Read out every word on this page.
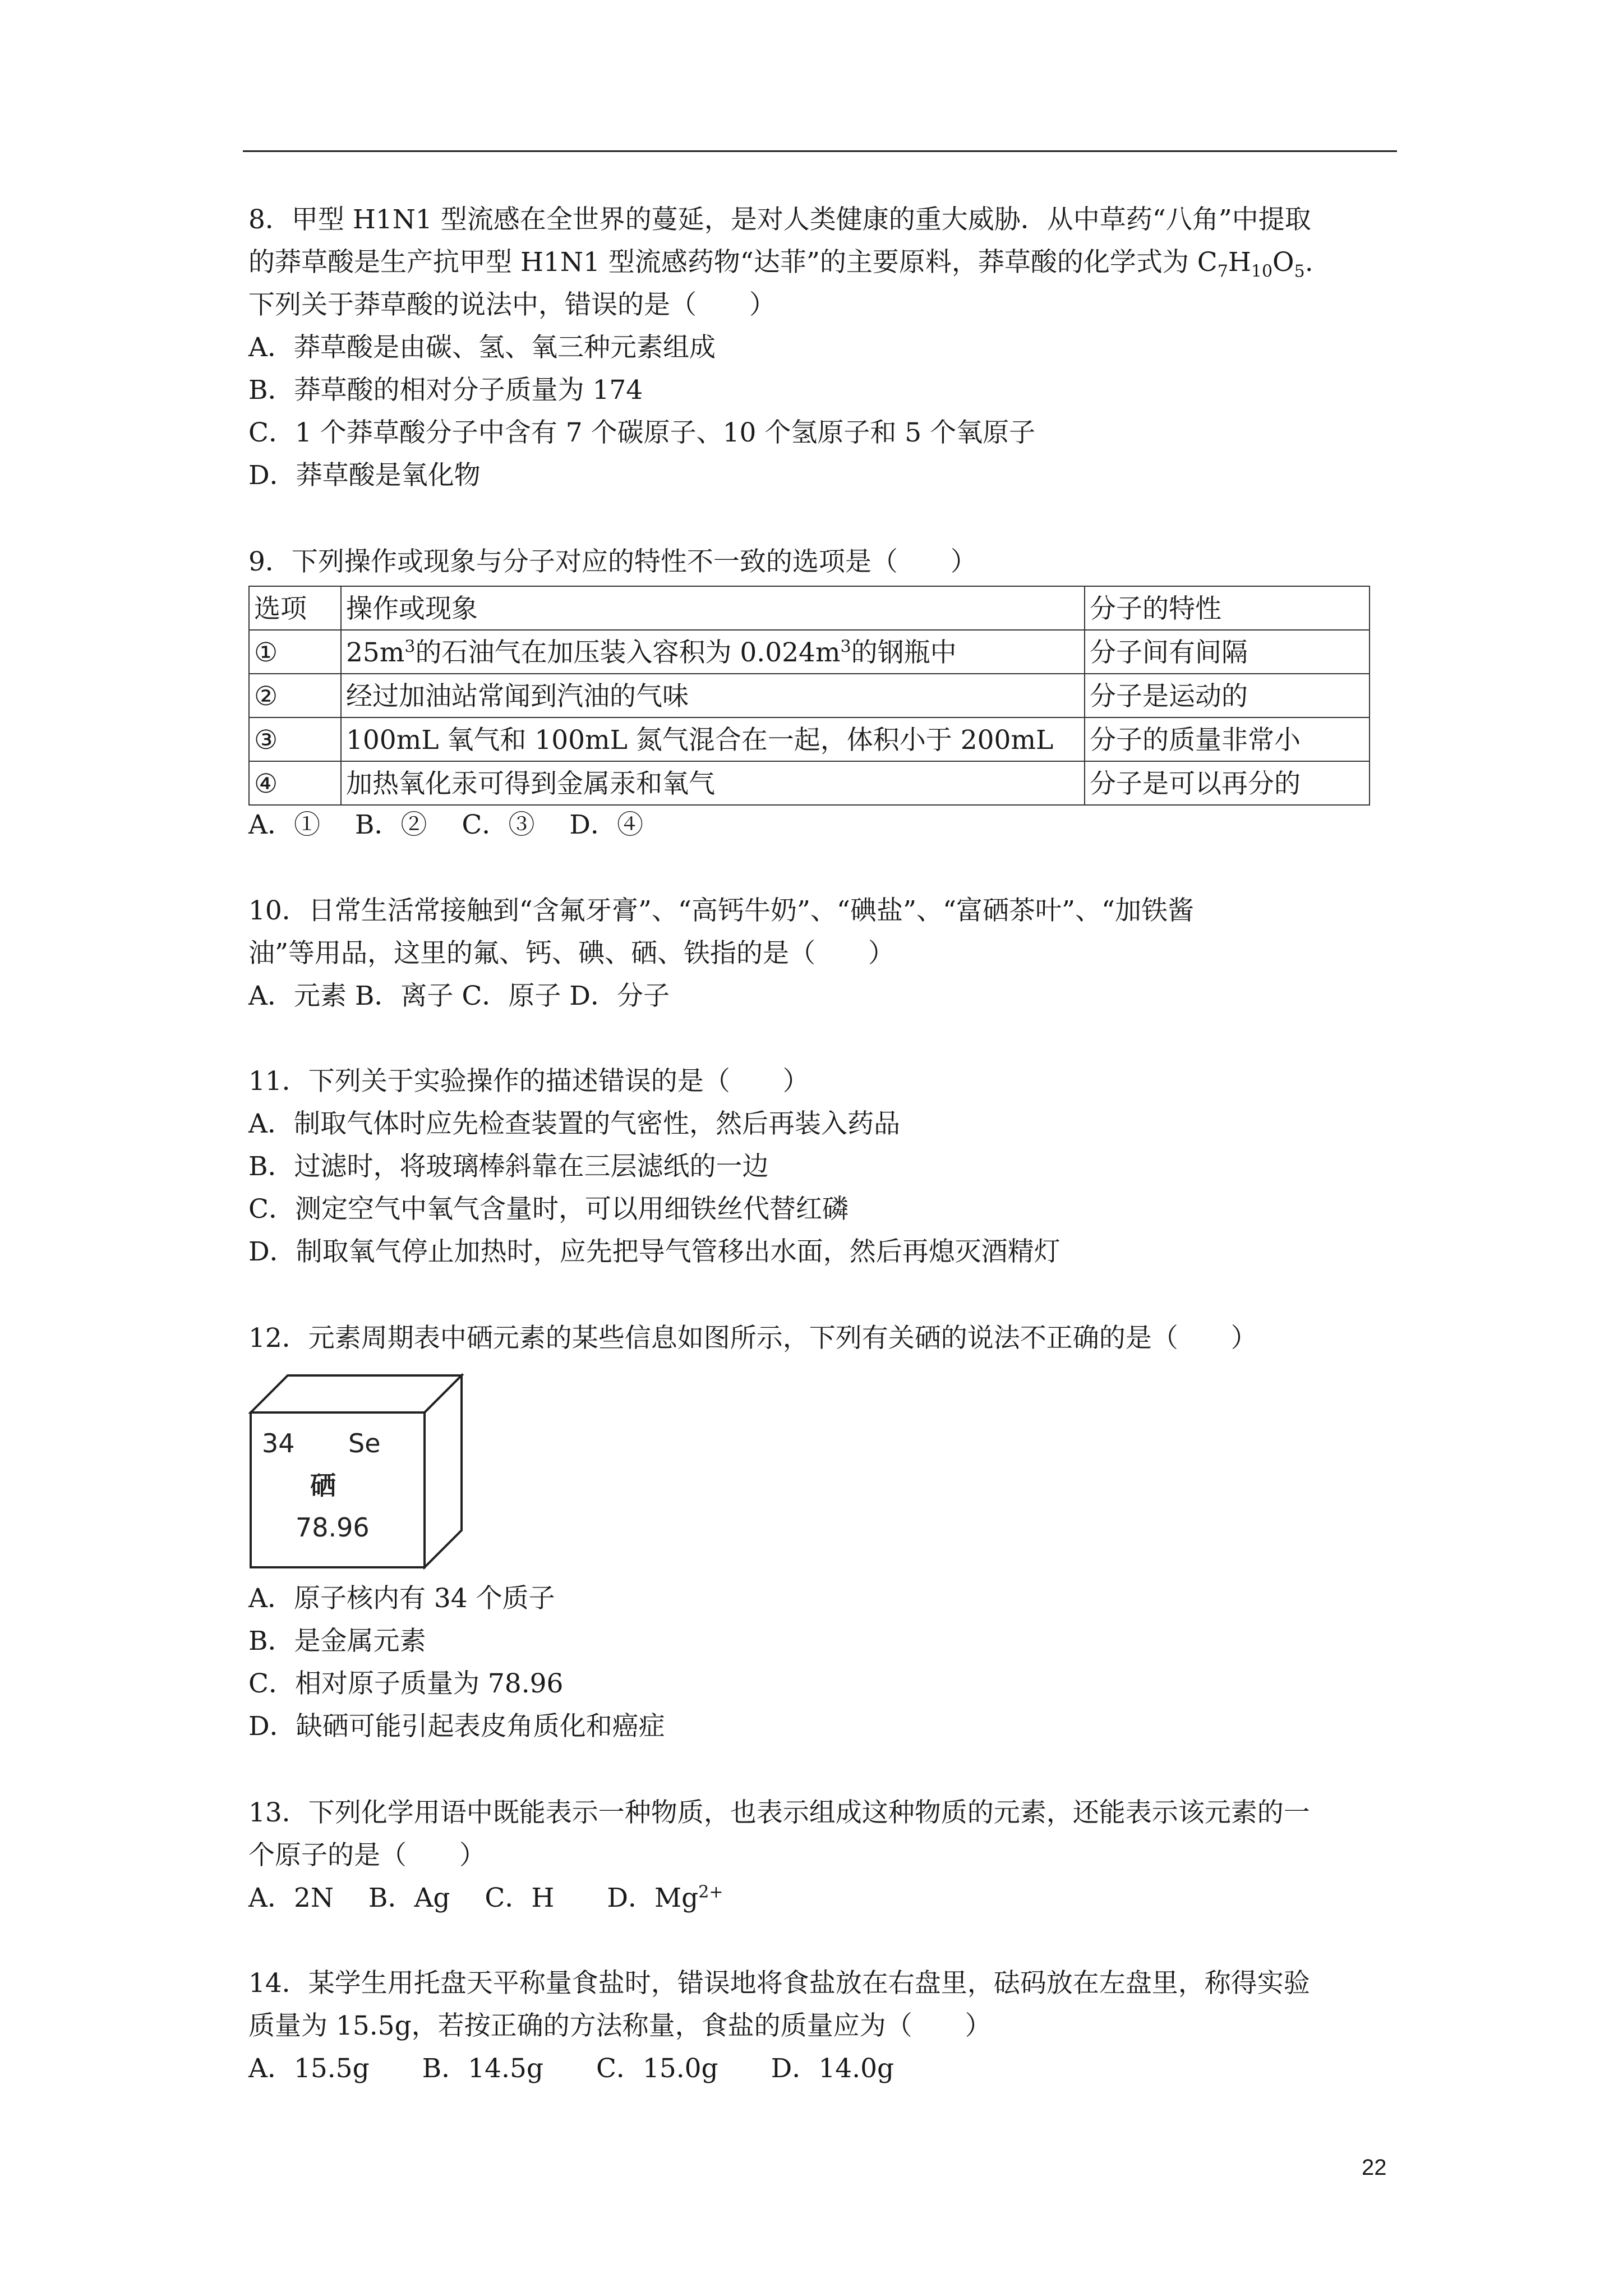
8．甲型 H1N1 型流感在全世界的蔓延，是对人类健康的重大威胁．从中草药“八角”中提取
的莽草酸是生产抗甲型 H1N1 型流感药物“达菲”的主要原料，莽草酸的化学式为 $C_7H_{10}O_5$.
下列关于莽草酸的说法中，错误的是（　　）
A．莽草酸是由碳、氢、氧三种元素组成
B．莽草酸的相对分子质量为 174
C．1 个莽草酸分子中含有 7 个碳原子、10 个氢原子和 5 个氧原子
D．莽草酸是氧化物
9．下列操作或现象与分子对应的特性不一致的选项是（　　）
选项	操作或现象	分子的特性
①	$25m^3$的石油气在加压装入容积为 $0.024m^3$的钢瓶中	分子间有间隔
②	经过加油站常闻到汽油的气味	分子是运动的
③	100mL 氧气和 100mL 氮气混合在一起，体积小于 200mL	分子的质量非常小
④	加热氧化汞可得到金属汞和氧气	分子是可以再分的
A．①　 B．②　 C．③　 D．④
10．日常生活常接触到“含氟牙膏”、“高钙牛奶”、“碘盐”、“富硒茶叶”、“加铁酱
油”等用品，这里的氟、钙、碘、硒、铁指的是（　　）
A．元素 B．离子 C．原子 D．分子
11．下列关于实验操作的描述错误的是（　　）
A．制取气体时应先检查装置的气密性，然后再装入药品
B．过滤时，将玻璃棒斜靠在三层滤纸的一边
C．测定空气中氧气含量时，可以用细铁丝代替红磷
D．制取氧气停止加热时，应先把导气管移出水面，然后再熄灭酒精灯
12．元素周期表中硒元素的某些信息如图所示，下列有关硒的说法不正确的是（　　）
34 Se
硒
78.96
A．原子核内有 34 个质子
B．是金属元素
C．相对原子质量为 78.96
D．缺硒可能引起表皮角质化和癌症
13．下列化学用语中既能表示一种物质，也表示组成这种物质的元素，还能表示该元素的一
个原子的是（　　）
A．2N　 B．Ag　 C．H　　D．$Mg^{2+}$
14．某学生用托盘天平称量食盐时，错误地将食盐放在右盘里，砝码放在左盘里，称得实验
质量为 15.5g，若按正确的方法称量，食盐的质量应为（　　）
A．15.5g　　B．14.5g　　C．15.0g　　D．14.0g
22
